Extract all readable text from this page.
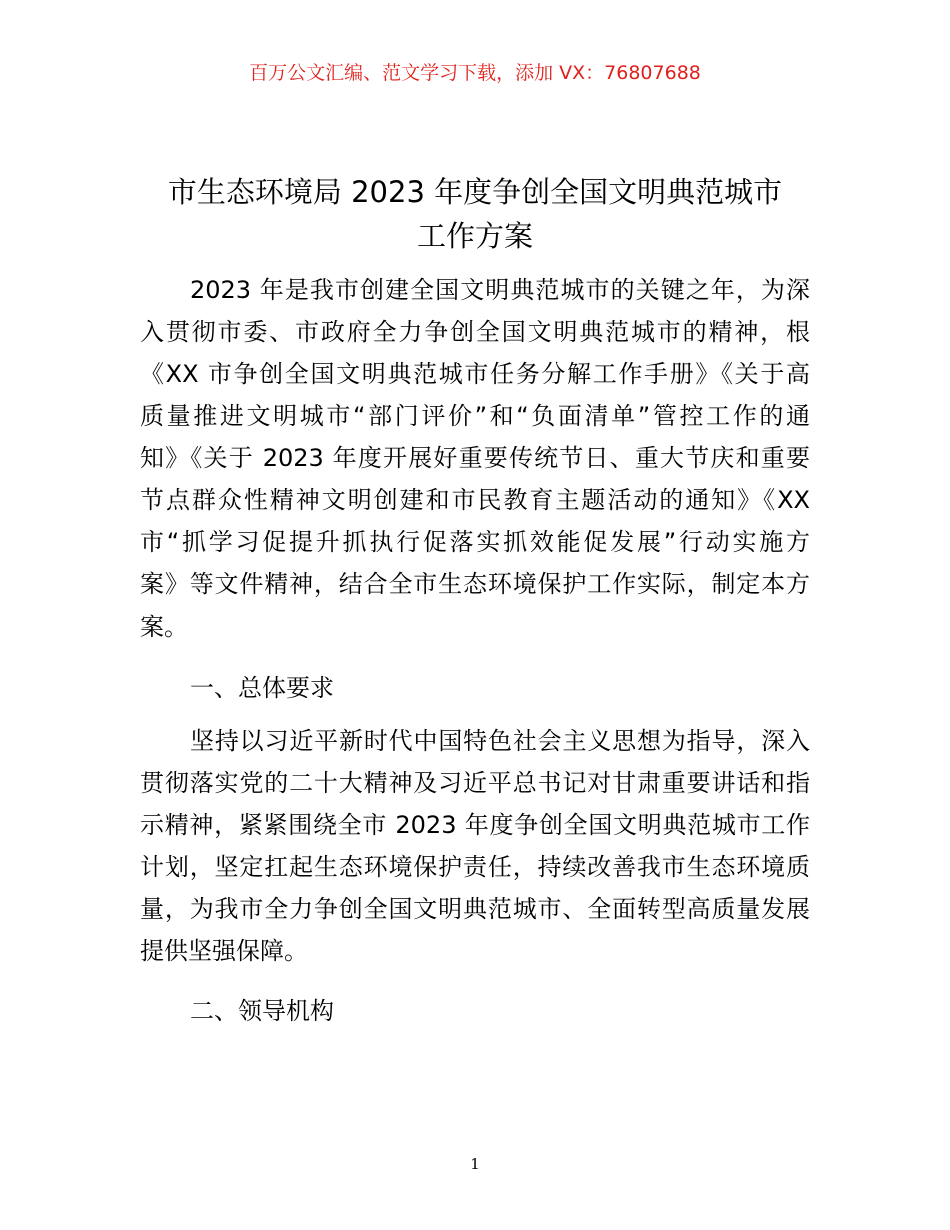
百万公文汇编、范文学习下载，添加 VX：76807688
市生态环境局 2023 年度争创全国文明典范城市
工作方案
2023 年是我市创建全国文明典范城市的关键之年，为深
入贯彻市委、市政府全力争创全国文明典范城市的精神，根
《XX 市争创全国文明典范城市任务分解工作手册》《关于高
质量推进文明城市“部门评价”和“负面清单”管控工作的通
知》《关于 2023 年度开展好重要传统节日、重大节庆和重要
节点群众性精神文明创建和市民教育主题活动的通知》《XX
市“抓学习促提升抓执行促落实抓效能促发展”行动实施方
案》等文件精神，结合全市生态环境保护工作实际，制定本方
案。
一、总体要求
坚持以习近平新时代中国特色社会主义思想为指导，深入
贯彻落实党的二十大精神及习近平总书记对甘肃重要讲话和指
示精神，紧紧围绕全市 2023 年度争创全国文明典范城市工作
计划，坚定扛起生态环境保护责任，持续改善我市生态环境质
量，为我市全力争创全国文明典范城市、全面转型高质量发展
提供坚强保障。
二、领导机构
1
